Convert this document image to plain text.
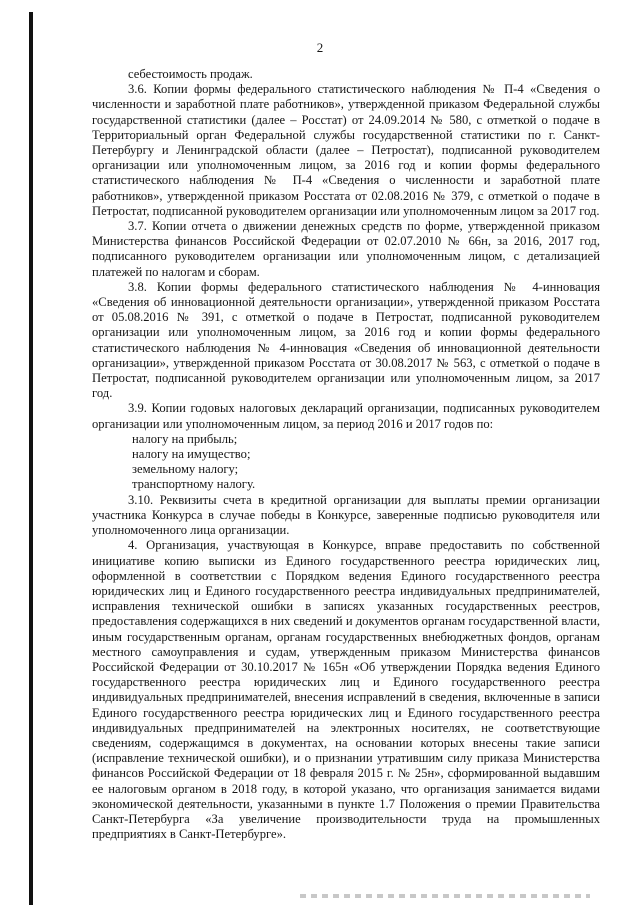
2

себестоимость продаж.

3.6. Копии формы федерального статистического наблюдения № П-4 «Сведения о численности и заработной плате работников», утвержденной приказом Федеральной службы государственной статистики (далее – Росстат) от 24.09.2014 № 580, с отметкой о подаче в Территориальный орган Федеральной службы государственной статистики по г. Санкт-Петербургу и Ленинградской области (далее – Петростат), подписанной руководителем организации или уполномоченным лицом, за 2016 год и копии формы федерального статистического наблюдения № П-4 «Сведения о численности и заработной плате работников», утвержденной приказом Росстата от 02.08.2016 № 379, с отметкой о подаче в Петростат, подписанной руководителем организации или уполномоченным лицом за 2017 год.

3.7. Копии отчета о движении денежных средств по форме, утвержденной приказом Министерства финансов Российской Федерации от 02.07.2010 № 66н, за 2016, 2017 год, подписанного руководителем организации или уполномоченным лицом, с детализацией платежей по налогам и сборам.

3.8. Копии формы федерального статистического наблюдения № 4-инновация «Сведения об инновационной деятельности организации», утвержденной приказом Росстата от 05.08.2016 № 391, с отметкой о подаче в Петростат, подписанной руководителем организации или уполномоченным лицом, за 2016 год и копии формы федерального статистического наблюдения № 4-инновация «Сведения об инновационной деятельности организации», утвержденной приказом Росстата от 30.08.2017 № 563, с отметкой о подаче в Петростат, подписанной руководителем организации или уполномоченным лицом, за 2017 год.

3.9. Копии годовых налоговых деклараций организации, подписанных руководителем организации или уполномоченным лицом, за период 2016 и 2017 годов по:

налогу на прибыль;
налогу на имущество;
земельному налогу;
транспортному налогу.

3.10. Реквизиты счета в кредитной организации для выплаты премии организации участника Конкурса в случае победы в Конкурсе, заверенные подписью руководителя или уполномоченного лица организации.

4. Организация, участвующая в Конкурсе, вправе предоставить по собственной инициативе копию выписки из Единого государственного реестра юридических лиц, оформленной в соответствии с Порядком ведения Единого государственного реестра юридических лиц и Единого государственного реестра индивидуальных предпринимателей, исправления технической ошибки в записях указанных государственных реестров, предоставления содержащихся в них сведений и документов органам государственной власти, иным государственным органам, органам государственных внебюджетных фондов, органам местного самоуправления и судам, утвержденным приказом Министерства финансов Российской Федерации от 30.10.2017 № 165н «Об утверждении Порядка ведения Единого государственного реестра юридических лиц и Единого государственного реестра индивидуальных предпринимателей, внесения исправлений в сведения, включенные в записи Единого государственного реестра юридических лиц и Единого государственного реестра индивидуальных предпринимателей на электронных носителях, не соответствующие сведениям, содержащимся в документах, на основании которых внесены такие записи (исправление технической ошибки), и о признании утратившим силу приказа Министерства финансов Российской Федерации от 18 февраля 2015 г. № 25н», сформированной выдавшим ее налоговым органом в 2018 году, в которой указано, что организация занимается видами экономической деятельности, указанными в пункте 1.7 Положения о премии Правительства Санкт-Петербурга «За увеличение производительности труда на промышленных предприятиях в Санкт-Петербурге».
